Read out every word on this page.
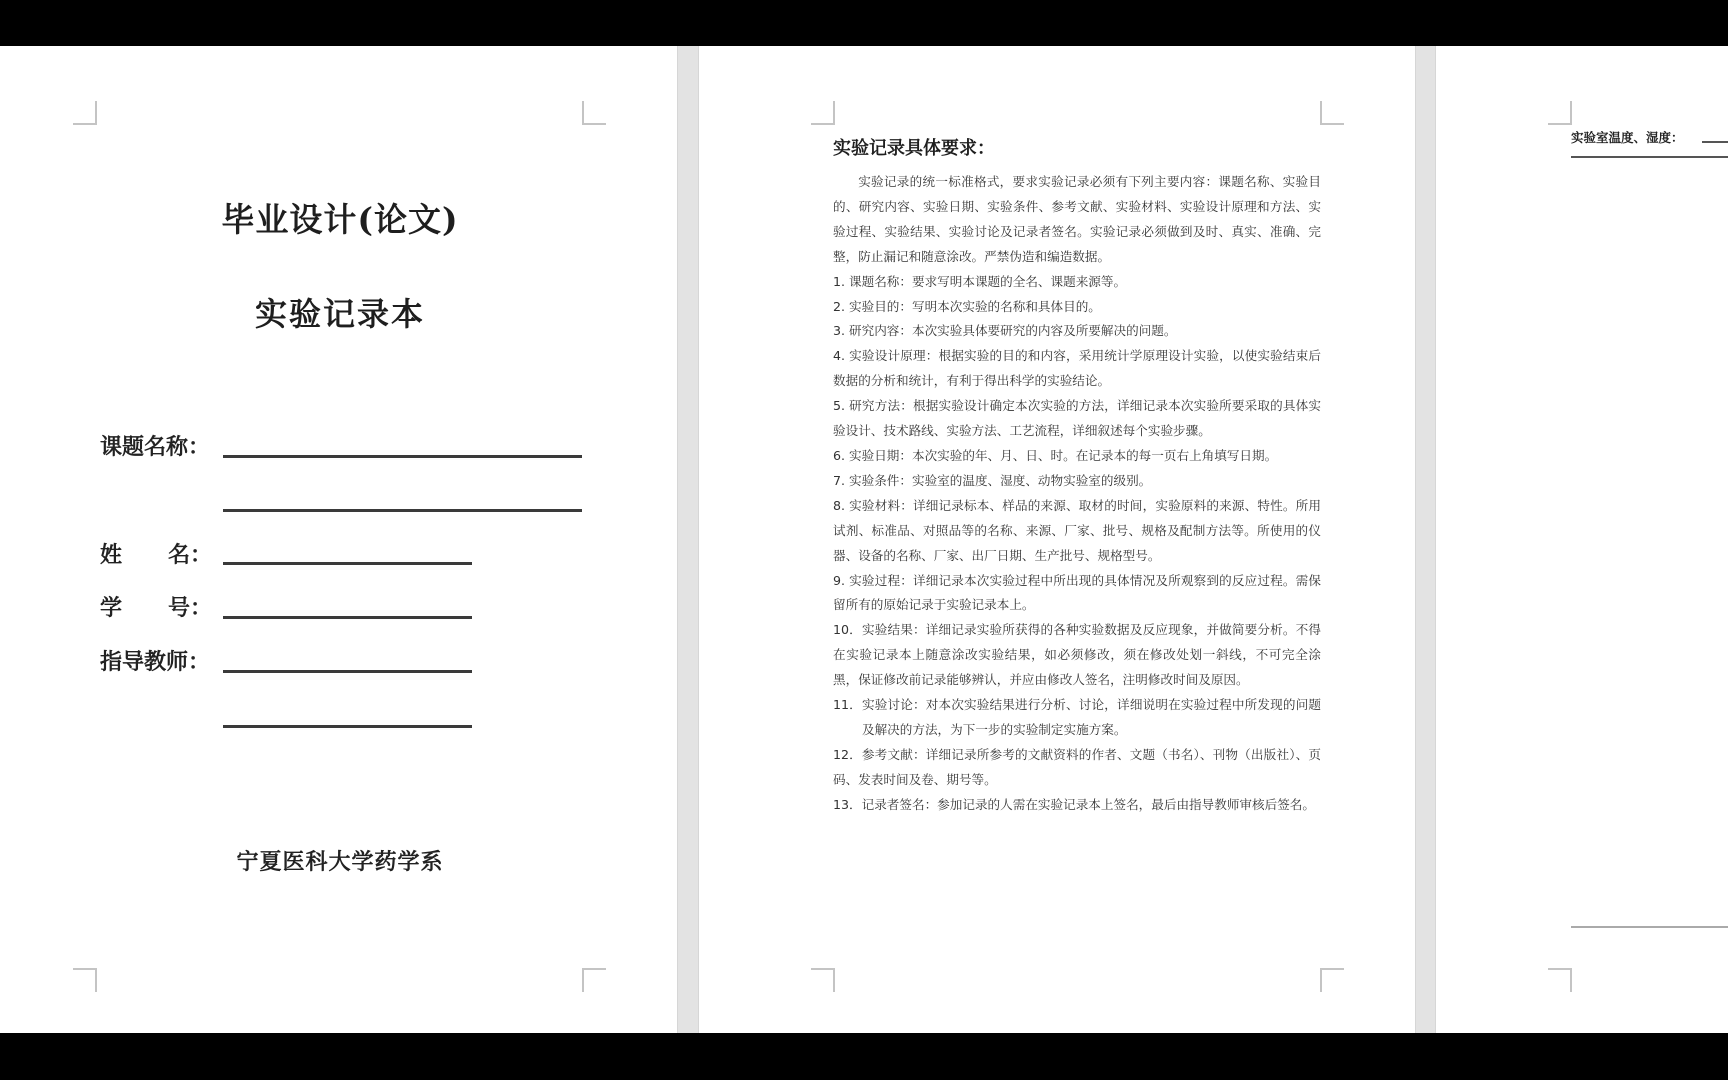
毕业设计(论文)
实验记录本
课题名称：
姓      名：
学      号：
指导教师：
宁夏医科大学药学系
实验记录具体要求：

实验记录的统一标准格式，要求实验记录必须有下列主要内容：课题名称、实验目的、研究内容、实验日期、实验条件、参考文献、实验材料、实验设计原理和方法、实验过程、实验结果、实验讨论及记录者签名。实验记录必须做到及时、真实、准确、完整，防止漏记和随意涂改。严禁伪造和编造数据。

1. 课题名称：要求写明本课题的全名、课题来源等。

2. 实验目的：写明本次实验的名称和具体目的。

3. 研究内容：本次实验具体要研究的内容及所要解决的问题。

4. 实验设计原理：根据实验的目的和内容，采用统计学原理设计实验，以使实验结束后数据的分析和统计，有利于得出科学的实验结论。

5. 研究方法：根据实验设计确定本次实验的方法，详细记录本次实验所要采取的具体实验设计、技术路线、实验方法、工艺流程，详细叙述每个实验步骤。

6. 实验日期：本次实验的年、月、日、时。在记录本的每一页右上角填写日期。

7. 实验条件：实验室的温度、湿度、动物实验室的级别。

8. 实验材料：详细记录标本、样品的来源、取材的时间，实验原料的来源、特性。所用试剂、标准品、对照品等的名称、来源、厂家、批号、规格及配制方法等。所使用的仪器、设备的名称、厂家、出厂日期、生产批号、规格型号。

9. 实验过程：详细记录本次实验过程中所出现的具体情况及所观察到的反应过程。需保留所有的原始记录于实验记录本上。

10．实验结果：详细记录实验所获得的各种实验数据及反应现象，并做简要分析。不得在实验记录本上随意涂改实验结果，如必须修改，须在修改处划一斜线，不可完全涂黑，保证修改前记录能够辨认，并应由修改人签名，注明修改时间及原因。

11．实验讨论：对本次实验结果进行分析、讨论，详细说明在实验过程中所发现的问题及解决的方法，为下一步的实验制定实施方案。

12．参考文献：详细记录所参考的文献资料的作者、文题（书名）、刊物（出版社）、页码、发表时间及卷、期号等。

13．记录者签名：参加记录的人需在实验记录本上签名，最后由指导教师审核后签名。

实验室温度、湿度：
